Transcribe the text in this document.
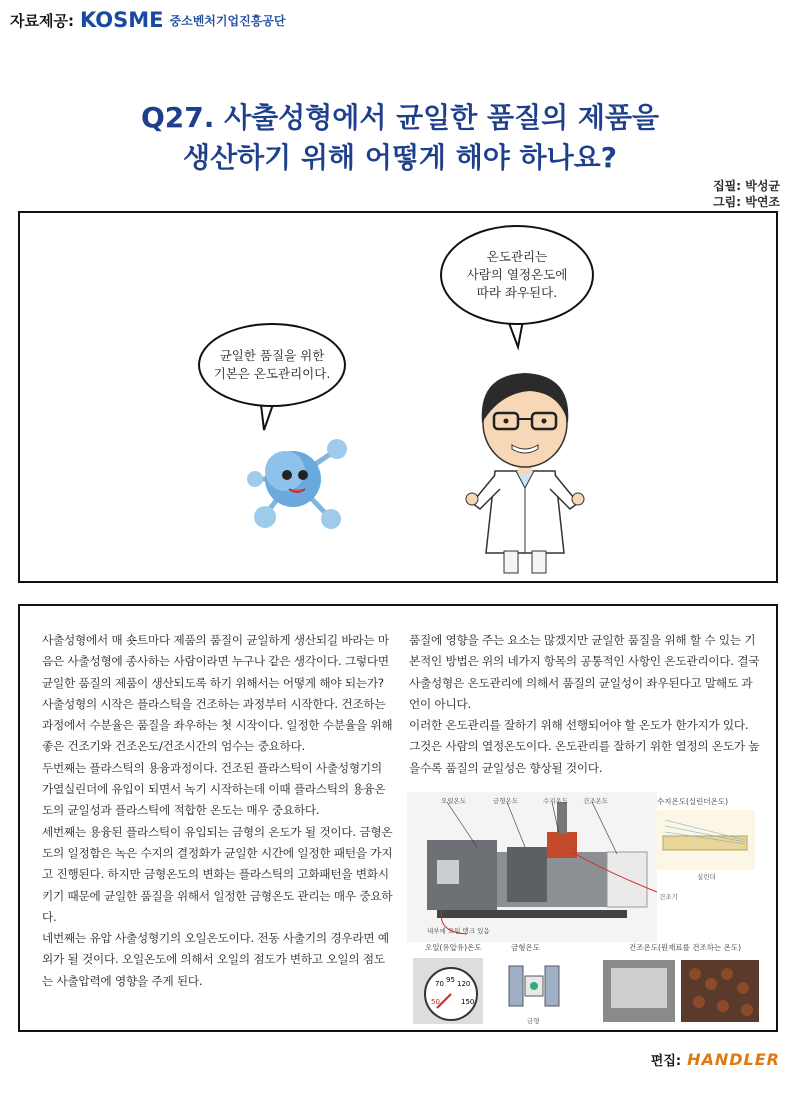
자료제공: KOSME 중소벤처기업진흥공단
Q27. 사출성형에서 균일한 품질의 제품을
생산하기 위해 어떻게 해야 하나요?
집필: 박성균
그림: 박연조
균일한 품질을 위한
기본은 온도관리이다.
온도관리는
사람의 열정온도에
따라 좌우된다.

사출성형에서 매 숏트마다 제품의 품질이 균일하게 생산되길 바라는 마음은 사출성형에 종사하는 사람이라면 누구나 같은 생각이다. 그렇다면 균일한 품질의 제품이 생산되도록 하기 위해서는 어떻게 해야 되는가?

사출성형의 시작은 플라스틱을 건조하는 과정부터 시작한다. 건조하는 과정에서 수분율은 품질을 좌우하는 첫 시작이다. 일정한 수분율을 위해 좋은 건조기와 건조온도/건조시간의 엄수는 중요하다.

두번째는 플라스틱의 용융과정이다. 건조된 플라스틱이 사출성형기의 가열실린더에 유입이 되면서 녹기 시작하는데 이때 플라스틱의 용융온도의 균일성과 플라스틱에 적합한 온도는 매우 중요하다.

세번째는 용융된 플라스틱이 유입되는 금형의 온도가 될 것이다. 금형온도의 일정함은 녹은 수지의 결정화가 균일한 시간에 일정한 패턴을 가지고 진행된다. 하지만 금형온도의 변화는 플라스틱의 고화패턴을 변화시키기 때문에 균일한 품질을 위해서 일정한 금형온도 관리는 매우 중요하다.

네번째는 유압 사출성형기의 오일온도이다. 전동 사출기의 경우라면 예외가 될 것이다. 오일온도에 의해서 오일의 점도가 변하고 오일의 점도는 사출압력에 영향을 주게 된다.

품질에 영향을 주는 요소는 많겠지만 균일한 품질을 위해 할 수 있는 기본적인 방법은 위의 네가지 항목의 공통적인 사항인 온도관리이다. 결국 사출성형은 온도관리에 의해서 품질의 균일성이 좌우된다고 말해도 과언이 아니다.

이러한 온도관리를 잘하기 위해 선행되어야 할 온도가 한가지가 있다. 그것은 사람의 열정온도이다. 온도관리를 잘하기 위한 열정의 온도가 높을수록 품질의 균일성은 향상될 것이다.

오일온도	금형온도	수지온도 건조온도
내부에 오일 탱크 있음
수지온도(실린더온도)
실린더
건조기
오일(유압유)온도
70 95 120
50	150
금형온도
금형
건조온도(원재료를 건조하는 온도)
편집: HANDLER
